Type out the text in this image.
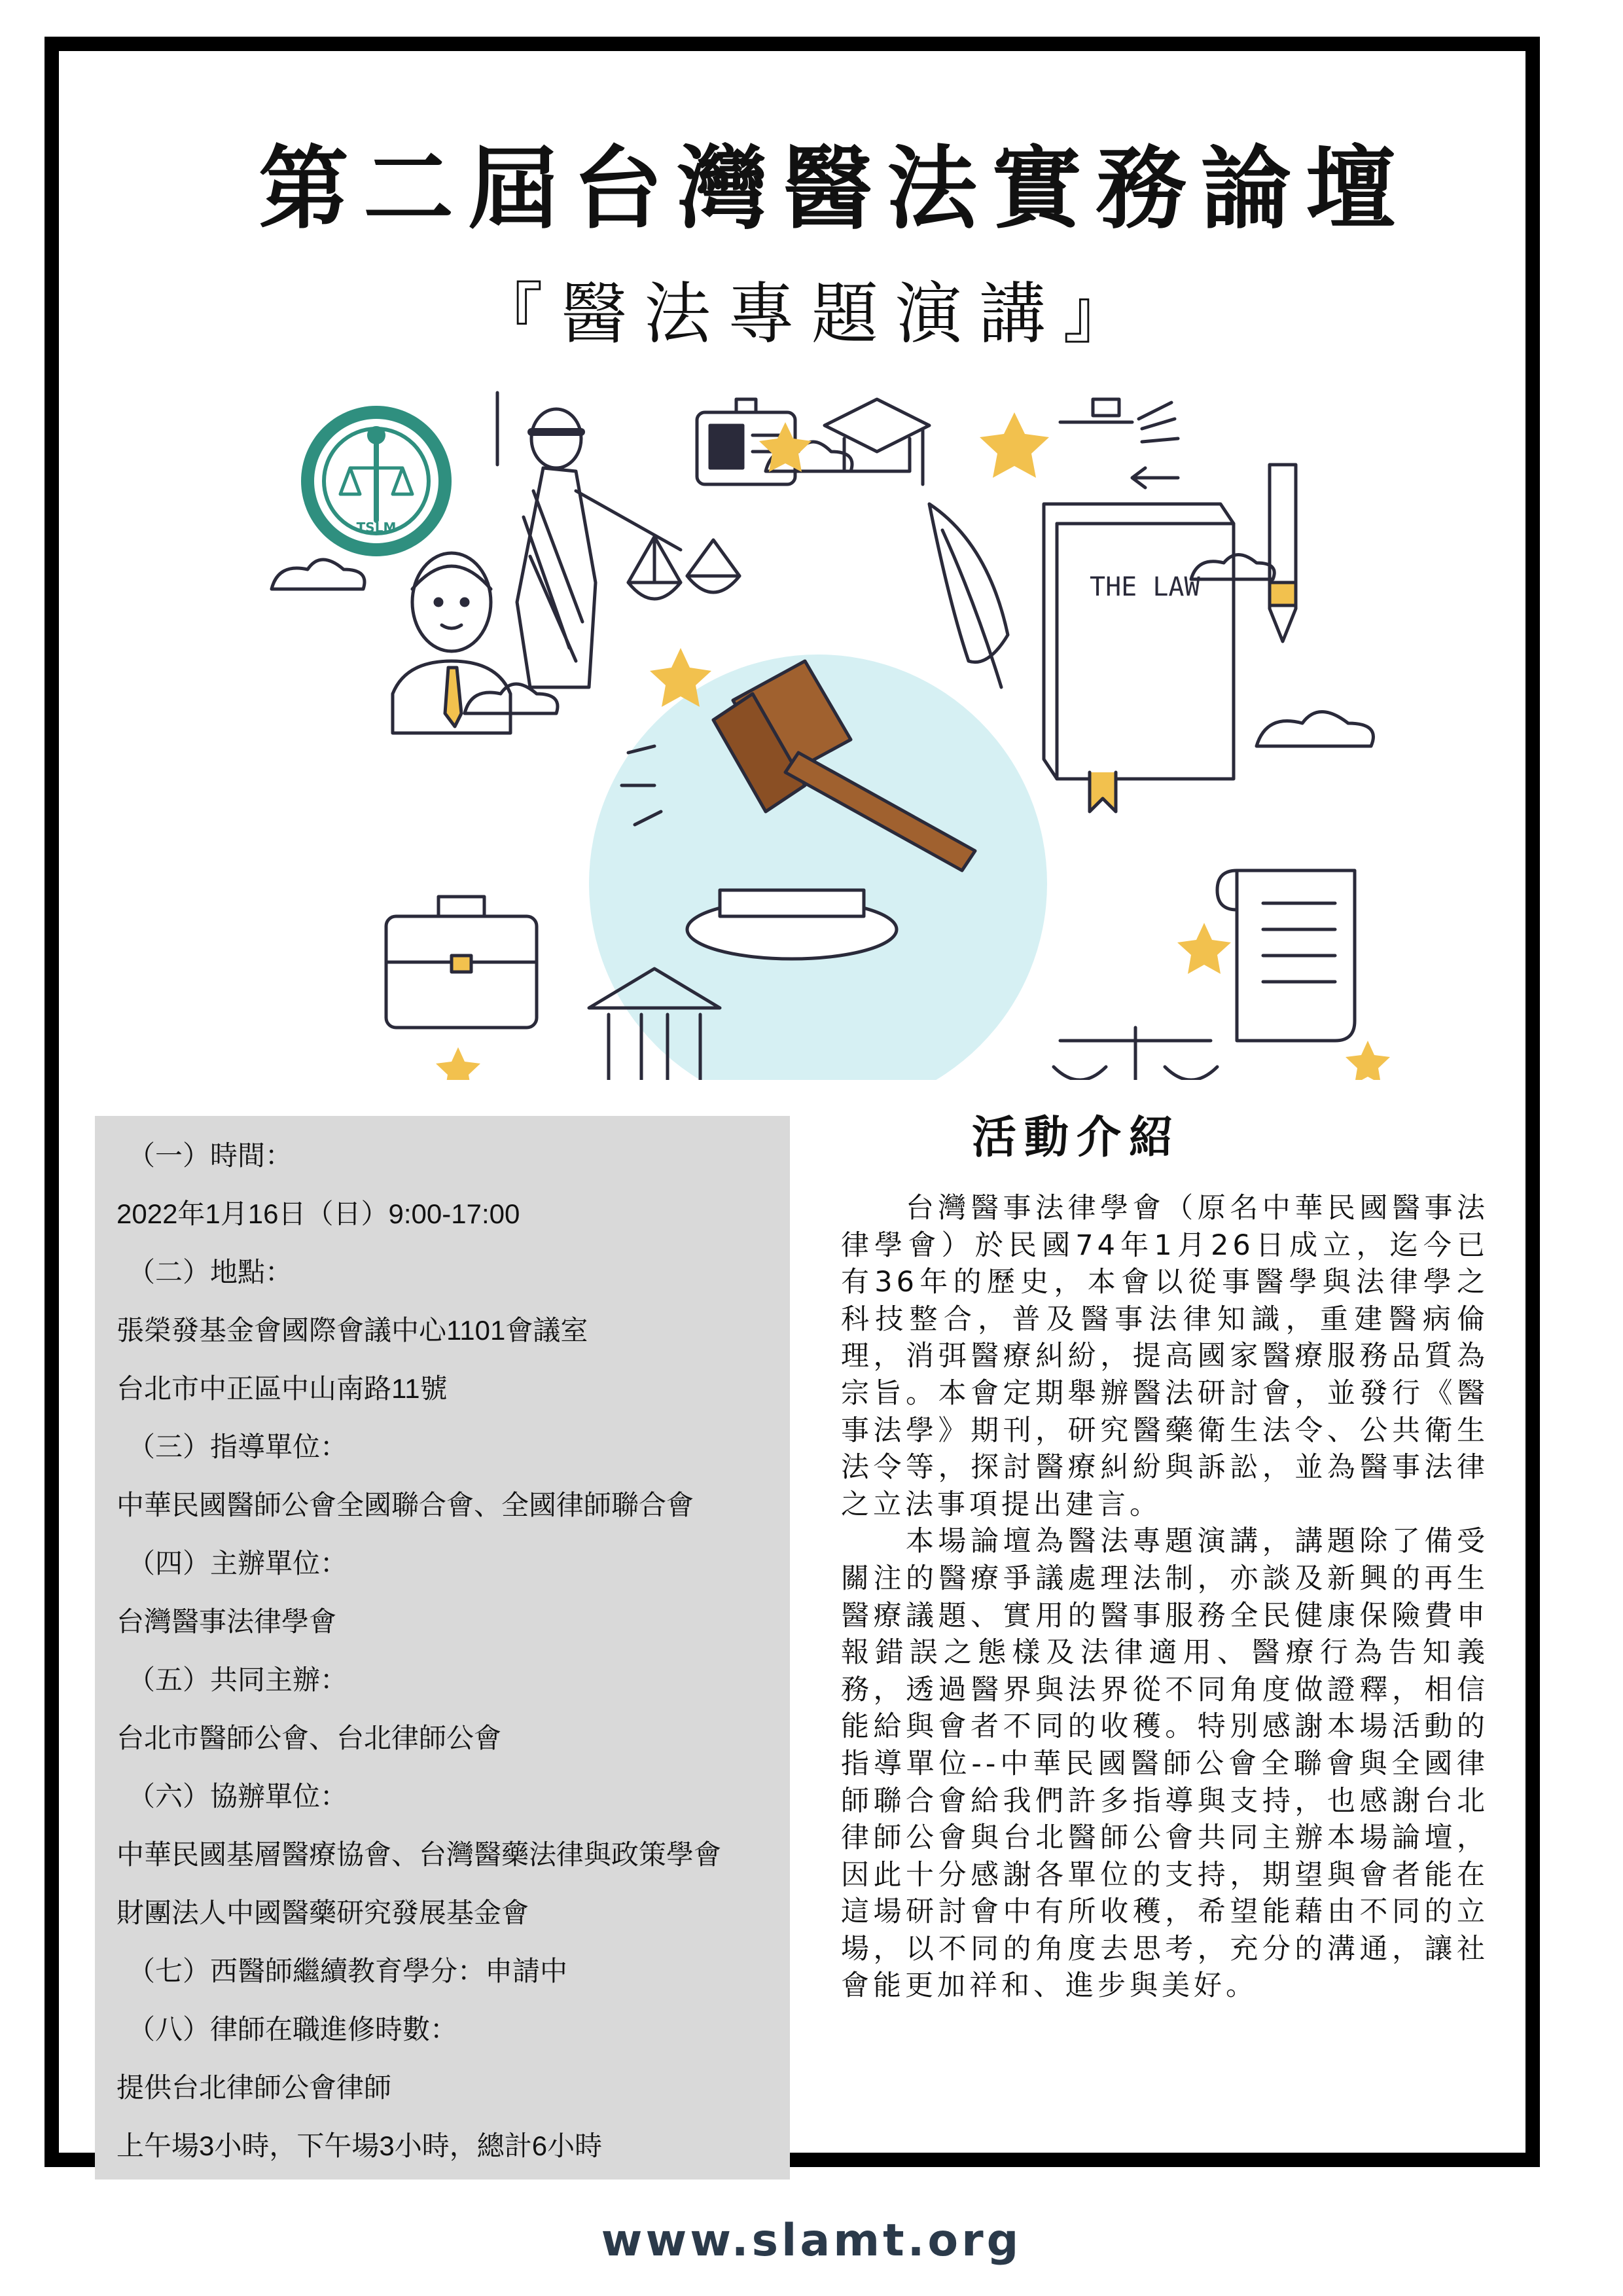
第二屆台灣醫法實務論壇
『醫法專題演講』
TSLM
THE LAW
（一）時間：
2022年1月16日（日）9:00-17:00
（二）地點：
張榮發基金會國際會議中心1101會議室
台北市中正區中山南路11號
（三）指導單位：
中華民國醫師公會全國聯合會、全國律師聯合會
（四）主辦單位：
台灣醫事法律學會
（五）共同主辦：
台北市醫師公會、台北律師公會
（六）協辦單位：
中華民國基層醫療協會、台灣醫藥法律與政策學會
財團法人中國醫藥研究發展基金會
（七）西醫師繼續教育學分：申請中
（八）律師在職進修時數：
提供台北律師公會律師
上午場3小時，下午場3小時，總計6小時
活動介紹

台灣醫事法律學會（原名中華民國醫事法律學會）於民國74年1月26日成立，迄今已有36年的歷史，本會以從事醫學與法律學之科技整合，普及醫事法律知識，重建醫病倫理，消弭醫療糾紛，提高國家醫療服務品質為宗旨。本會定期舉辦醫法研討會，並發行《醫事法學》期刊，研究醫藥衛生法令、公共衛生法令等，探討醫療糾紛與訴訟，並為醫事法律之立法事項提出建言。

本場論壇為醫法專題演講，講題除了備受關注的醫療爭議處理法制，亦談及新興的再生醫療議題、實用的醫事服務全民健康保險費申報錯誤之態樣及法律適用、醫療行為告知義務，透過醫界與法界從不同角度做證釋，相信能給與會者不同的收穫。特別感謝本場活動的指導單位--中華民國醫師公會全聯會與全國律師聯合會給我們許多指導與支持，也感謝台北律師公會與台北醫師公會共同主辦本場論壇，因此十分感謝各單位的支持，期望與會者能在這場研討會中有所收穫，希望能藉由不同的立場，以不同的角度去思考，充分的溝通，讓社會能更加祥和、進步與美好。

www.slamt.org
